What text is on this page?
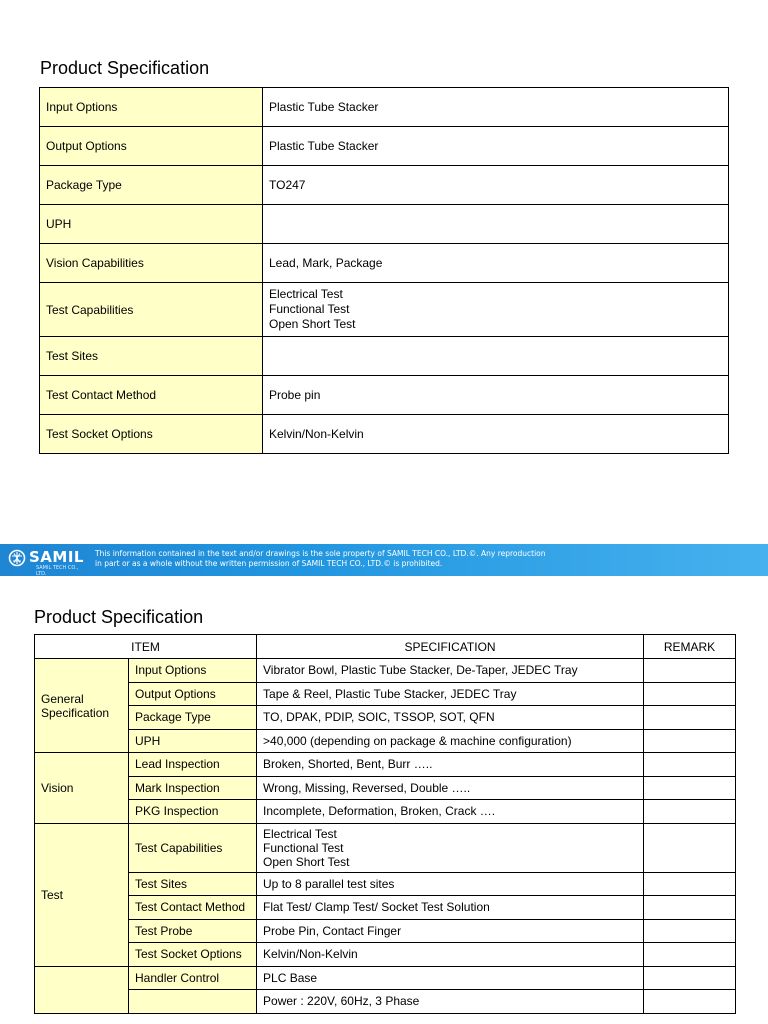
Product Specification
Input Options	Plastic Tube Stacker
Output Options	Plastic Tube Stacker
Package Type	TO247
UPH	
Vision Capabilities	Lead, Mark, Package
Test Capabilities	Electrical Test
Functional Test
Open Short Test

Test Sites	
Test Contact Method	Probe pin
Test Socket Options	Kelvin/Non-Kelvin
SAMIL
SAMIL TECH CO., LTD.
This information contained in the text and/or drawings is the sole property of SAMIL TECH CO., LTD.©. Any reproduction
in part or as a whole without the written permission of SAMIL TECH CO., LTD.© is prohibited.
Product Specification
ITEM		SPECIFICATION	REMARK
General Specification	Input Options	Vibrator Bowl, Plastic Tube Stacker, De-Taper, JEDEC Tray	
	Output Options	Tape & Reel, Plastic Tube Stacker, JEDEC Tray	
	Package Type	TO, DPAK, PDIP, SOIC, TSSOP, SOT, QFN	
	UPH	>40,000 (depending on package & machine configuration)	
Vision	Lead Inspection	Broken, Shorted, Bent, Burr …..	
	Mark Inspection	Wrong, Missing, Reversed, Double …..	
	PKG Inspection	Incomplete, Deformation, Broken, Crack ….	
Test	Test Capabilities	Electrical Test
Functional Test
Open Short Test	

	Test Sites	Up to 8 parallel test sites	
	Test Contact Method	Flat Test/ Clamp Test/ Socket Test Solution	
	Test Probe	Probe Pin, Contact Finger	
	Test Socket Options	Kelvin/Non-Kelvin	
	Handler Control	PLC Base	
		Power : 220V, 60Hz, 3 Phase	
